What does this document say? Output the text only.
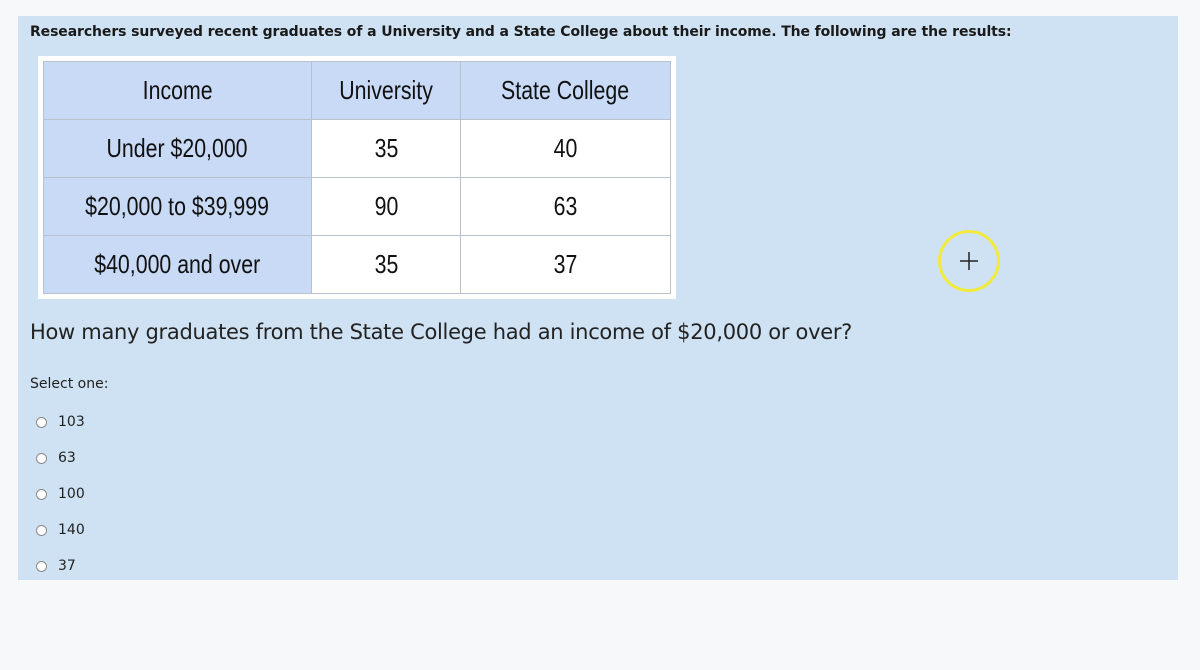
Researchers surveyed recent graduates of a University and a State College about their income. The following are the results:
Income	University	State College
Under $20,000	35	40
$20,000 to $39,999	90	63
$40,000 and over	35	37
How many graduates from the State College had an income of $20,000 or over?
Select one:
103
63
100
140
37
